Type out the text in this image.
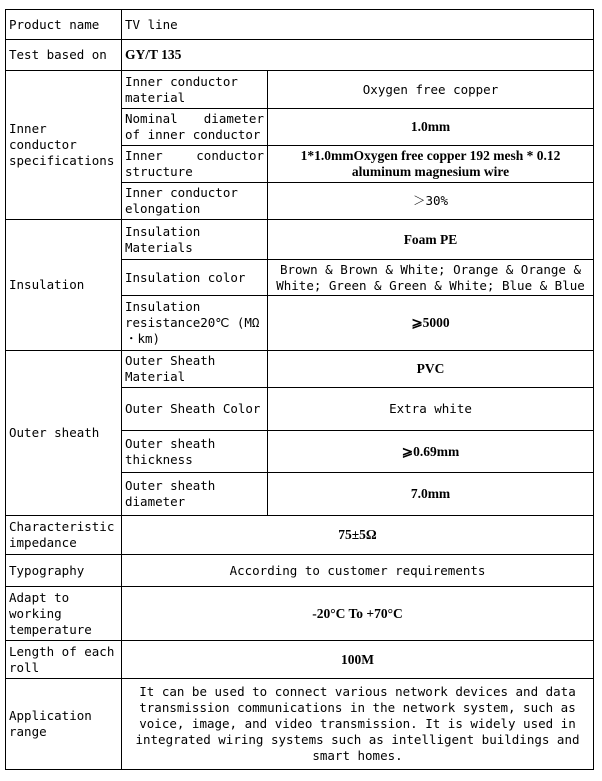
Product name	TV line	
Test based on	GY/T 135	
Inner conductor specifications	Inner conductor material	Oxygen free copper
	Nominal diameter of inner conductor	1.0mm
	Inner conductor structure	1*1.0mmOxygen free copper 192 mesh * 0.12 aluminum magnesium wire
	Inner conductor elongation	＞30%
Insulation	Insulation Materials	Foam PE
	Insulation color	Brown & Brown & White; Orange & Orange & White; Green & Green & White; Blue & Blue
	Insulation resistance20℃ (MΩ ・km)	⩾5000
Outer sheath	Outer Sheath Material	PVC
	Outer Sheath Color	Extra white
	Outer sheath thickness	⩾0.69mm
	Outer sheath diameter	7.0mm
Characteristic impedance	75±5Ω	
Typography	According to customer requirements	
Adapt to working temperature	-20°C To +70°C	
Length of each roll	100M	
Application range	It can be used to connect various network devices and data transmission communications in the network system, such as voice, image, and video transmission. It is widely used in integrated wiring systems such as intelligent buildings and smart homes.	
